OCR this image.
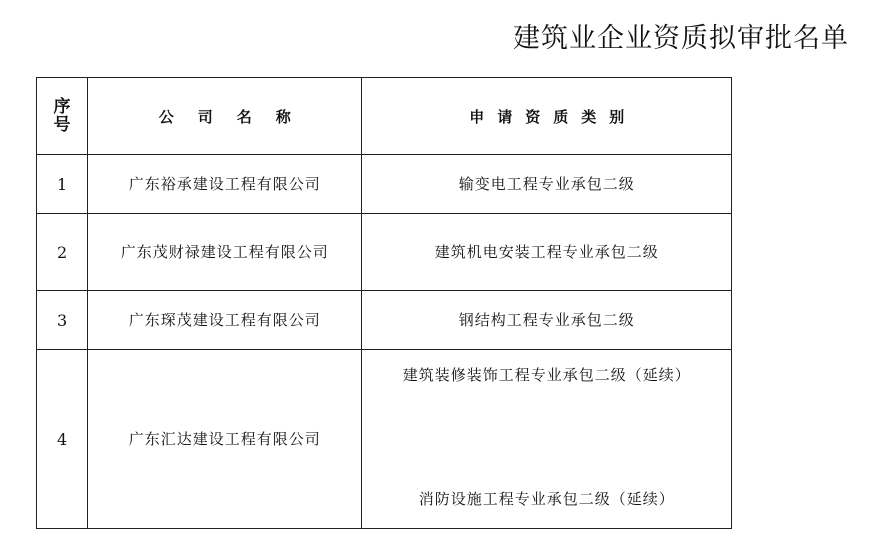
建筑业企业资质拟审批名单
序号	公司名称	申请资质类别
1	广东裕承建设工程有限公司	输变电工程专业承包二级
2	广东茂财禄建设工程有限公司	建筑机电安装工程专业承包二级
3	广东琛茂建设工程有限公司	钢结构工程专业承包二级
4	广东汇达建设工程有限公司	建筑装修装饰工程专业承包二级（延续）
消防设施工程专业承包二级（延续）
